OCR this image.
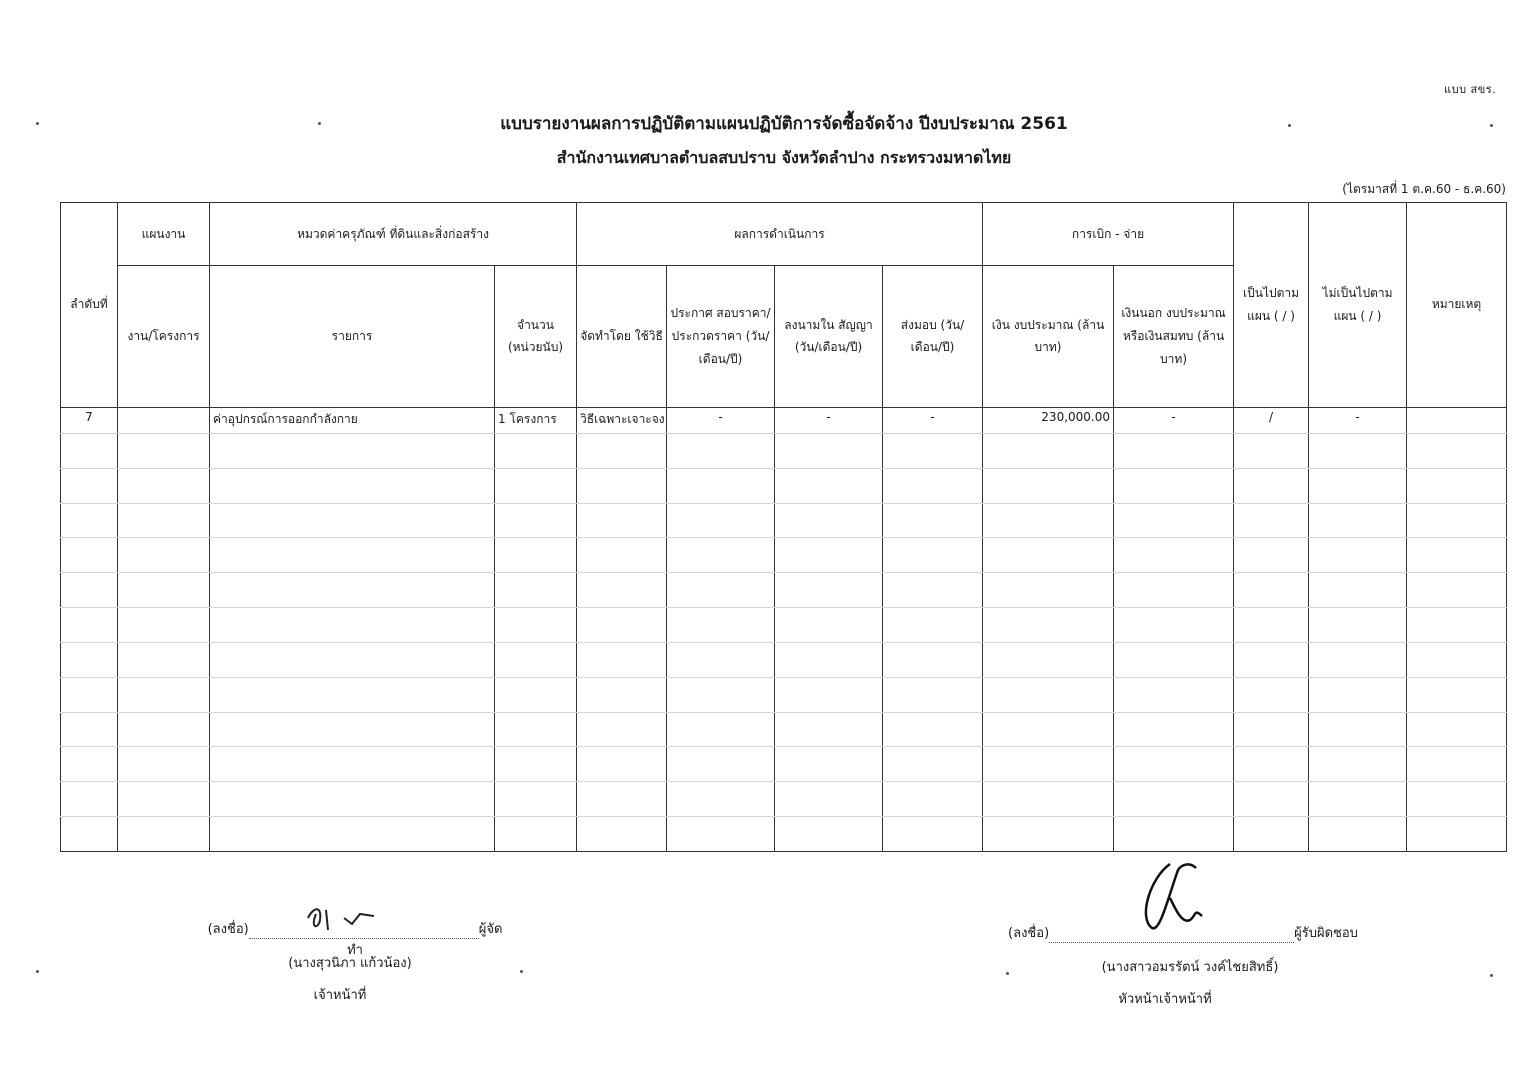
แบบ สขร.
แบบรายงานผลการปฏิบัติตามแผนปฏิบัติการจัดซื้อจัดจ้าง ปีงบประมาณ 2561
สำนักงานเทศบาลตำบลสบปราบ จังหวัดลำปาง กระทรวงมหาดไทย
(ไตรมาสที่ 1 ต.ค.60 - ธ.ค.60)
ลำดับที่	แผนงาน	หมวดค่าครุภัณฑ์ ที่ดินและสิ่งก่อสร้าง		ผลการดำเนินการ				การเบิก - จ่าย		เป็นไปตาม แผน ( / )	ไม่เป็นไปตาม แผน ( / )	หมายเหตุ
	งาน/โครงการ	รายการ	จำนวน (หน่วยนับ)	จัดทำโดย ใช้วิธี	ประกาศ สอบราคา/ ประกวดราคา (วัน/เดือน/ปี)	ลงนามใน สัญญา (วัน/เดือน/ปี)	ส่งมอบ (วัน/เดือน/ปี)	เงิน งบประมาณ (ล้านบาท)	เงินนอก งบประมาณ หรือเงินสมทบ (ล้านบาท)			
7		ค่าอุปกรณ์การออกกำลังกาย	1 โครงการ	วิธีเฉพาะเจาะจง	-	-	-	230,000.00	-	/	-	

(ลงชื่อ)	ผู้จัดทำ
(นางสุวนิภา แก้วน้อง)
เจ้าหน้าที่
(ลงชื่อ)	ผู้รับผิดชอบ
(นางสาวอมรรัตน์ วงค์ไชยสิทธิ์)
หัวหน้าเจ้าหน้าที่
